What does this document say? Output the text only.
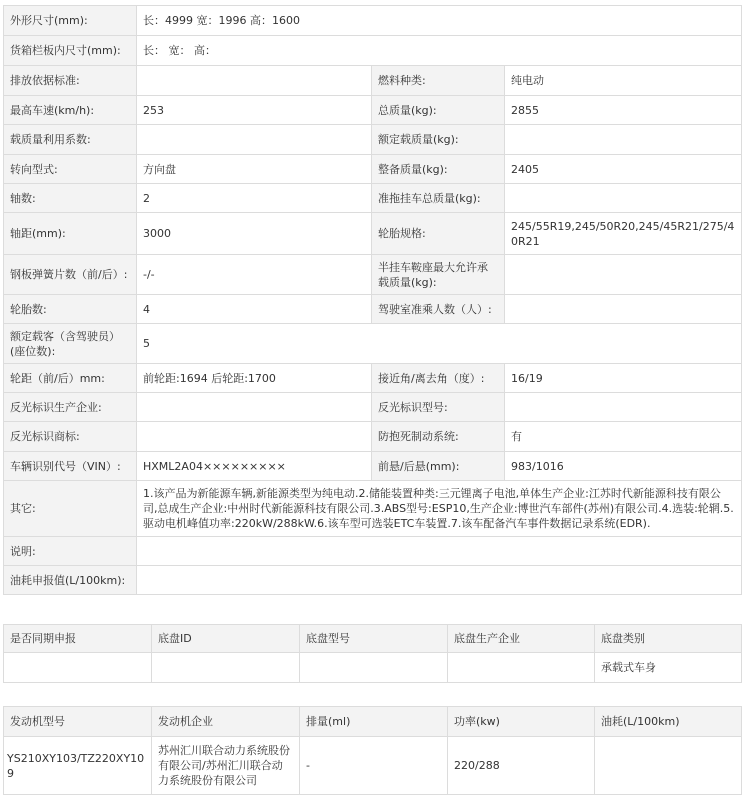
外形尺寸(mm):	长：4999 宽：1996 高：1600		
货箱栏板内尺寸(mm):	长： 宽： 高：		
排放依据标准:		燃料种类:	纯电动
最高车速(km/h):	253	总质量(kg):	2855
载质量利用系数:		额定载质量(kg):	
转向型式:	方向盘	整备质量(kg):	2405
轴数:	2	准拖挂车总质量(kg):	
轴距(mm):	3000	轮胎规格:	245/55R19,245/50R20,245/45R21/275/40R21
钢板弹簧片数（前/后）:	-/-	半挂车鞍座最大允许承载质量(kg):	
轮胎数:	4	驾驶室准乘人数（人）:	
额定载客（含驾驶员）(座位数):	5		
轮距（前/后）mm:	前轮距:1694 后轮距:1700	接近角/离去角（度）:	16/19
反光标识生产企业:		反光标识型号:	
反光标识商标:		防抱死制动系统:	有
车辆识别代号（VIN）:	HXML2A04×××××××××	前悬/后悬(mm):	983/1016
其它:	1.该产品为新能源车辆,新能源类型为纯电动.2.储能装置种类:三元锂离子电池,单体生产企业:江苏时代新能源科技有限公司,总成生产企业:中州时代新能源科技有限公司.3.ABS型号:ESP10,生产企业:博世汽车部件(苏州)有限公司.4.选装:轮辋.5.驱动电机峰值功率:220kW/288kW.6.该车型可选装ETC车装置.7.该车配备汽车事件数据记录系统(EDR).		
说明:			
油耗申报值(L/100km):			
是否同期申报	底盘ID	底盘型号	底盘生产企业	底盘类别
				承载式车身
发动机型号	发动机企业	排量(ml)	功率(kw)	油耗(L/100km)
YS210XY103/TZ220XY109	苏州汇川联合动力系统股份有限公司/苏州汇川联合动力系统股份有限公司	-	220/288	
